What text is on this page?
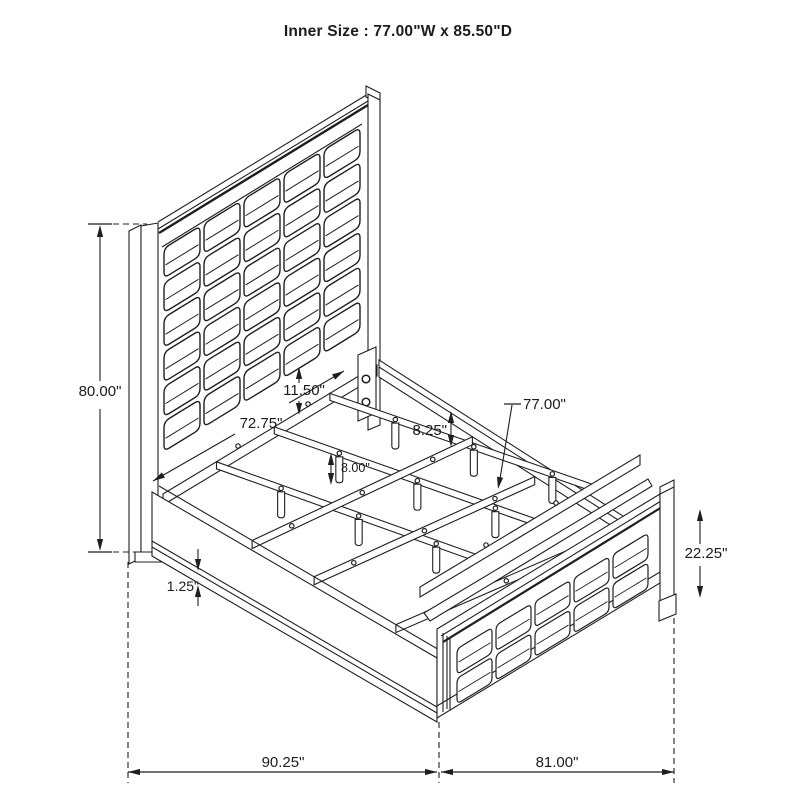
Inner Size : 77.00"W x 85.50"D
80.00"
72.75"
11.50"
8.25"
77.00"
8.00"
1.25"
22.25"
90.25"	81.00"
